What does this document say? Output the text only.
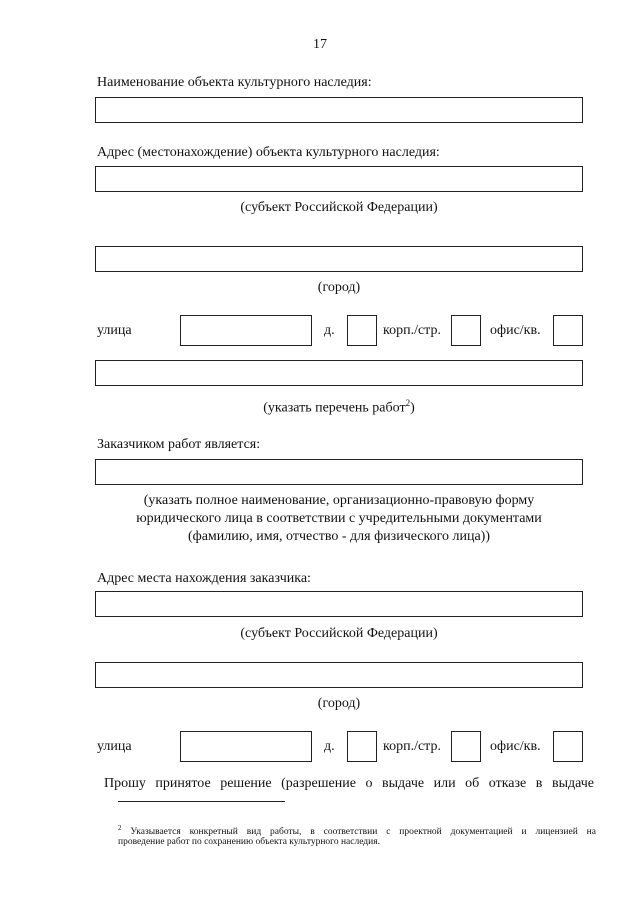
17
Наименование объекта культурного наследия:
Адрес (местонахождение) объекта культурного наследия:
(субъект Российской Федерации)
(город)
улица	д.	корп./стр.	офис/кв.
(указать перечень работ$^2$)
Заказчиком работ является:
(указать полное наименование, организационно-правовую форму
юридического лица в соответствии с учредительными документами
(фамилию, имя, отчество - для физического лица))
Адрес места нахождения заказчика:
(субъект Российской Федерации)
(город)
улица	д.	корп./стр.	офис/кв.
Прошу принятое решение (разрешение о выдаче или об отказе в выдаче
$^2$ Указывается конкретный вид работы, в соответствии с проектной документацией и лицензией на
проведение работ по сохранению объекта культурного наследия.
